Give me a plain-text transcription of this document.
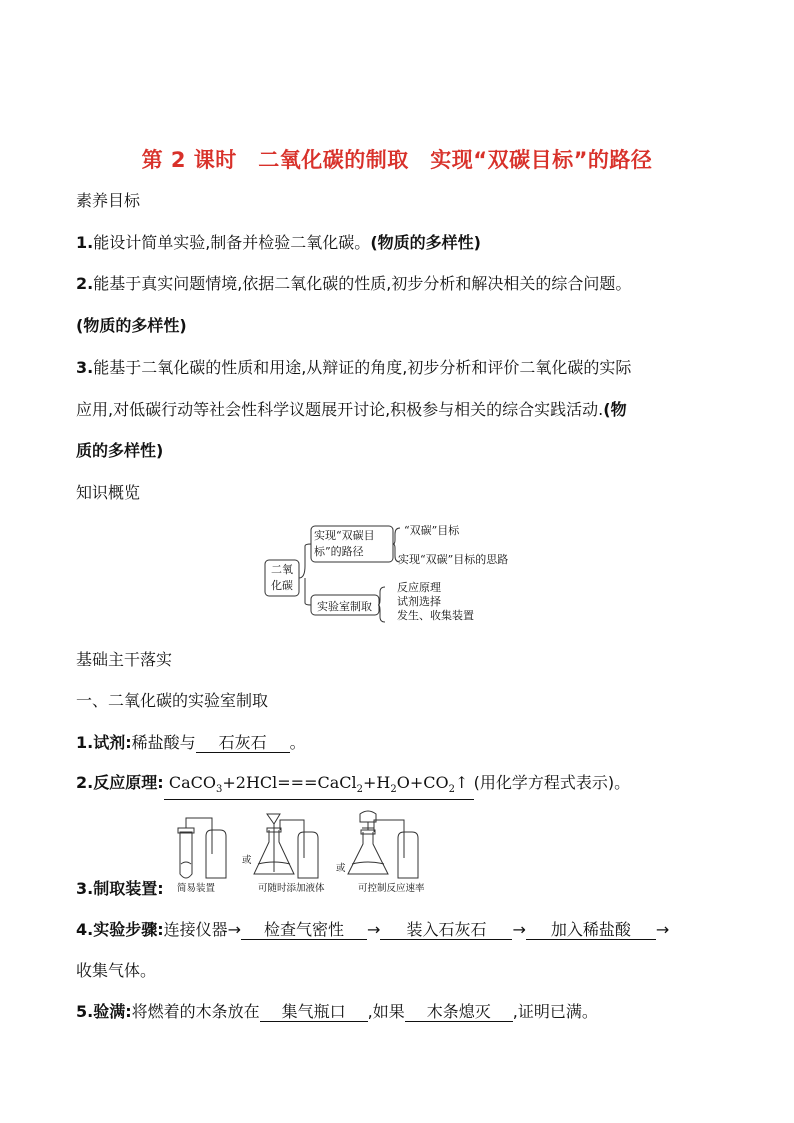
第 2 课时　二氧化碳的制取　实现“双碳目标”的路径
素养目标
1.能设计简单实验,制备并检验二氧化碳。(物质的多样性)
2.能基于真实问题情境,依据二氧化碳的性质,初步分析和解决相关的综合问题。
(物质的多样性)
3.能基于二氧化碳的性质和用途,从辩证的角度,初步分析和评价二氧化碳的实际
应用,对低碳行动等社会性科学议题展开讨论,积极参与相关的综合实践活动.(物
质的多样性)
知识概览
二氧化碳
实现“双碳目
标”的路径
“双碳”目标
实现“双碳”目标的思路
实验室制取
反应原理
试剂选择
发生、收集装置
基础主干落实
一、二氧化碳的实验室制取
1.试剂:稀盐酸与 石灰石 。
2.反应原理: $CaCO_3+2HCl===CaCl_2+H_2O+CO_2↑$ (用化学方程式表示)。
简易装置
或
可随时添加液体
或
可控制反应速率
3.制取装置:
4.实验步骤:连接仪器→ 检查气密性 → 装入石灰石 → 加入稀盐酸 →
收集气体。
5.验满:将燃着的木条放在 集气瓶口 ,如果 木条熄灭 ,证明已满。
